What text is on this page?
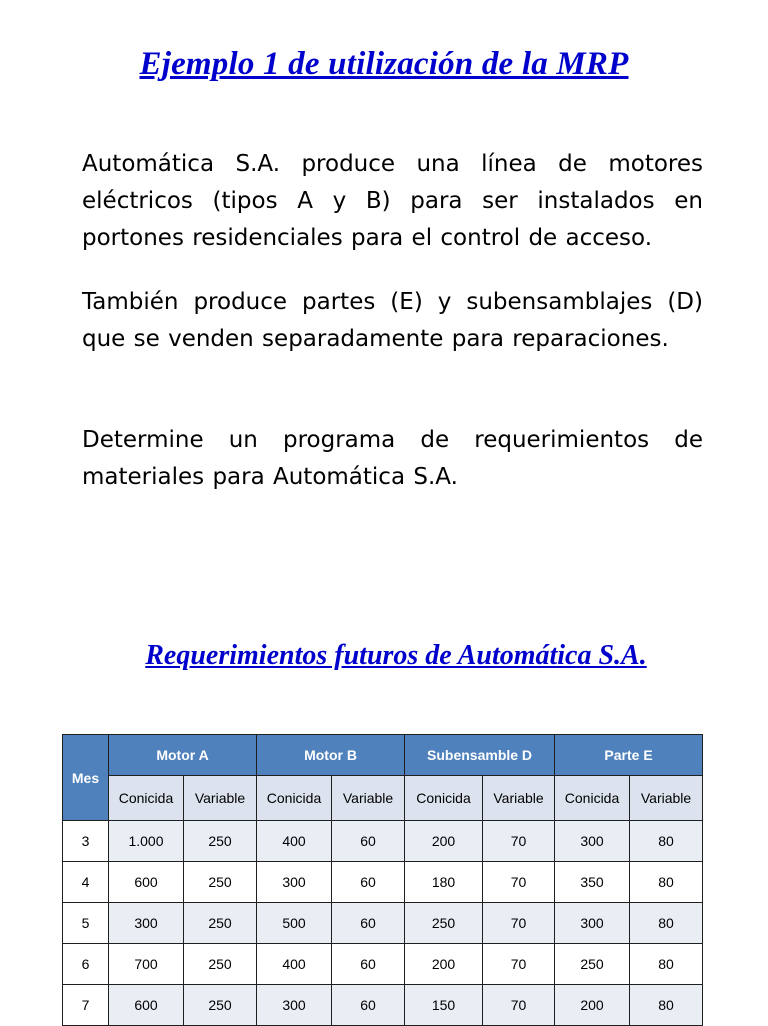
Ejemplo 1 de utilización de la MRP

Automática S.A. produce una línea de motores eléctricos (tipos A y B) para ser instalados en portones residenciales para el control de acceso.

También produce partes (E) y subensamblajes (D) que se venden separadamente para reparaciones.

Determine un programa de requerimientos de materiales para Automática S.A.

Requerimientos futuros de Automática S.A.
Mes	Motor A		Motor B		Subensamble D		Parte E	
	Conicida	Variable	Conicida	Variable	Conicida	Variable	Conicida	Variable
3	1.000	250	400	60	200	70	300	80
4	600	250	300	60	180	70	350	80
5	300	250	500	60	250	70	300	80
6	700	250	400	60	200	70	250	80
7	600	250	300	60	150	70	200	80
